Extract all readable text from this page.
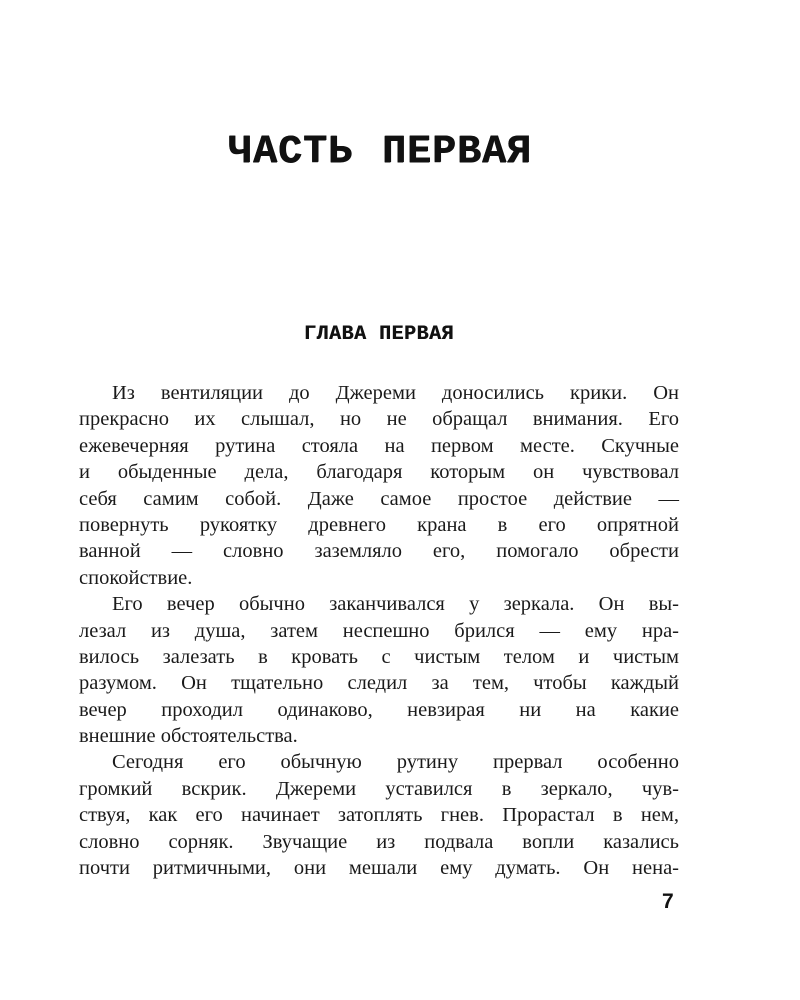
ЧАСТЬ ПЕРВАЯ
ГЛАВА ПЕРВАЯ

Из вентиляции до Джереми доносились крики. Он
прекрасно их слышал, но не обращал внимания. Его
ежевечерняя рутина стояла на первом месте. Скучные
и обыденные дела, благодаря которым он чувствовал
себя самим собой. Даже самое простое действие —
повернуть рукоятку древнего крана в его опрятной
ванной — словно заземляло его, помогало обрести
спокойствие.

Его вечер обычно заканчивался у зеркала. Он вы-
лезал из душа, затем неспешно брился — ему нра-
вилось залезать в кровать с чистым телом и чистым
разумом. Он тщательно следил за тем, чтобы каждый
вечер проходил одинаково, невзирая ни на какие
внешние обстоятельства.

Сегодня его обычную рутину прервал особенно
громкий вскрик. Джереми уставился в зеркало, чув-
ствуя, как его начинает затоплять гнев. Прорастал в нем,
словно сорняк. Звучащие из подвала вопли казались
почти ритмичными, они мешали ему думать. Он нена-

7
